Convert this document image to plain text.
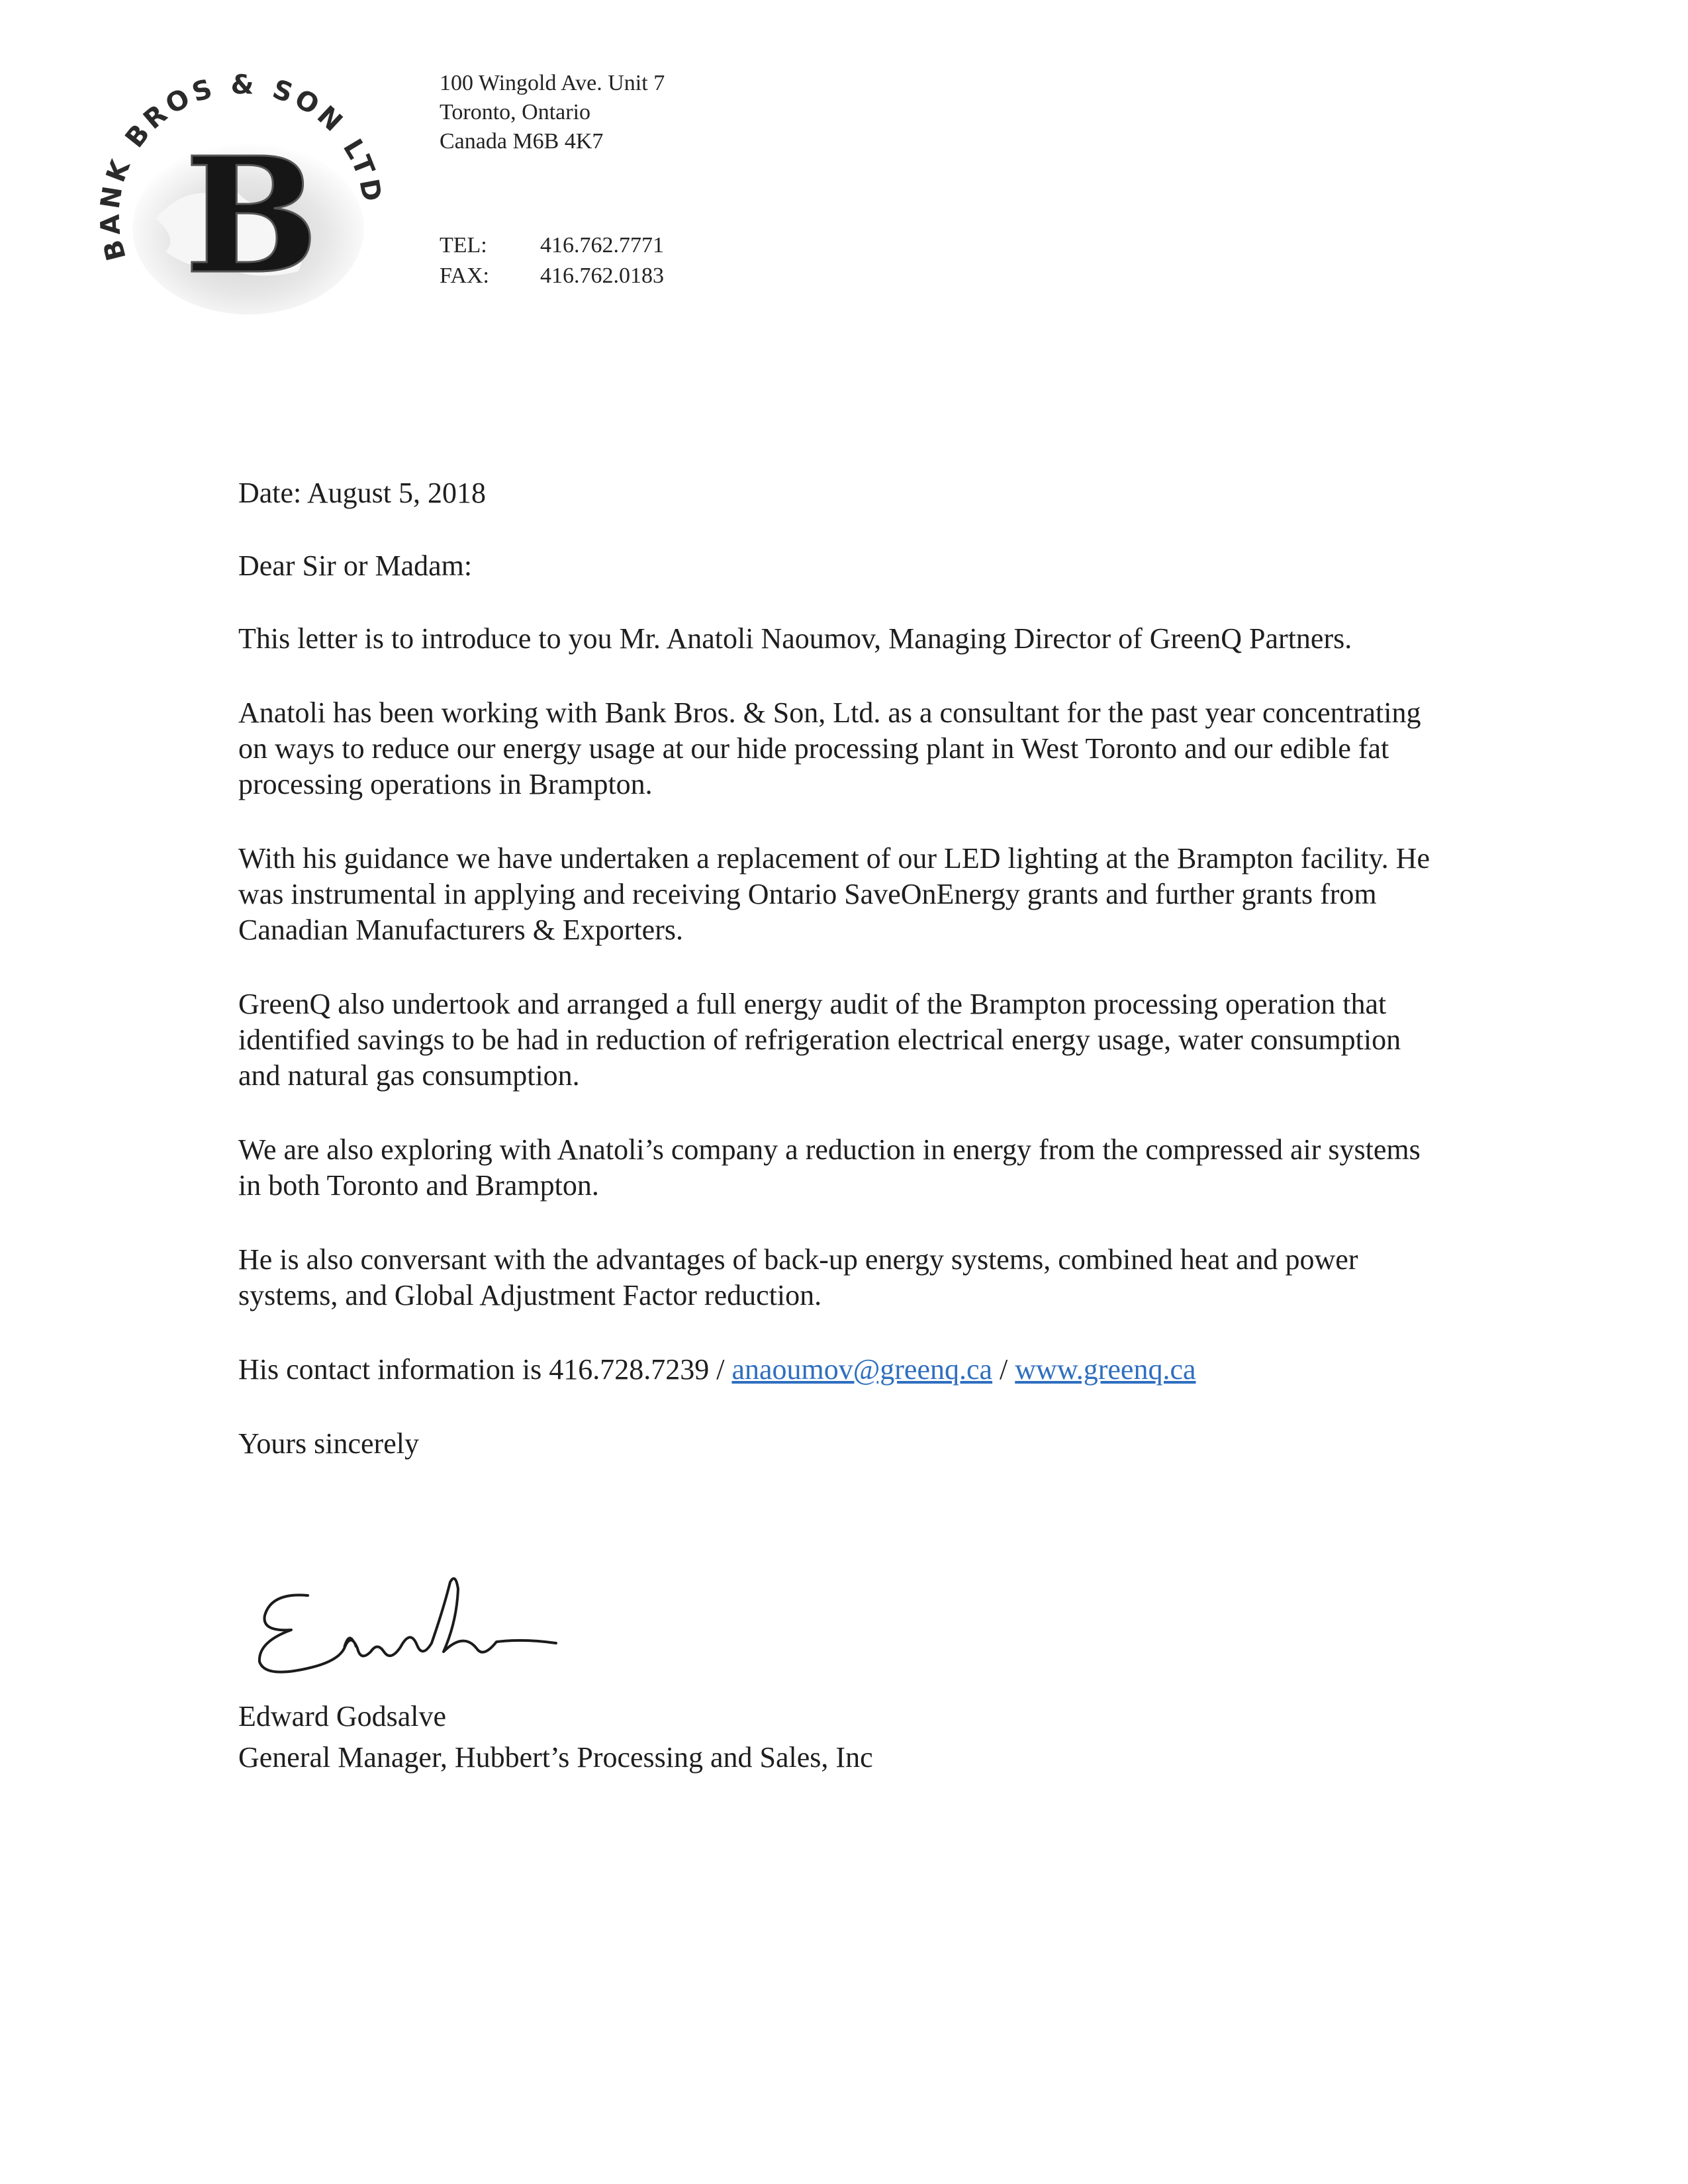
BANK BROS & SON LTD
B
100 Wingold Ave. Unit 7
Toronto, Ontario
Canada M6B 4K7
TEL:	416.762.7771
FAX:	416.762.0183

Date: August 5, 2018

Dear Sir or Madam:

This letter is to introduce to you Mr. Anatoli Naoumov, Managing Director of GreenQ Partners.

Anatoli has been working with Bank Bros. & Son, Ltd. as a consultant for the past year concentrating on ways to reduce our energy usage at our hide processing plant in West Toronto and our edible fat processing operations in Brampton.

With his guidance we have undertaken a replacement of our LED lighting at the Brampton facility. He was instrumental in applying and receiving Ontario SaveOnEnergy grants and further grants from Canadian Manufacturers & Exporters.

GreenQ also undertook and arranged a full energy audit of the Brampton processing operation that identified savings to be had in reduction of refrigeration electrical energy usage, water consumption and natural gas consumption.

We are also exploring with Anatoli’s company a reduction in energy from the compressed air systems in both Toronto and Brampton.

He is also conversant with the advantages of back-up energy systems, combined heat and power systems, and Global Adjustment Factor reduction.

His contact information is 416.728.7239 / anaoumov@greenq.ca / www.greenq.ca

Yours sincerely

Edward Godsalve
General Manager, Hubbert’s Processing and Sales, Inc
